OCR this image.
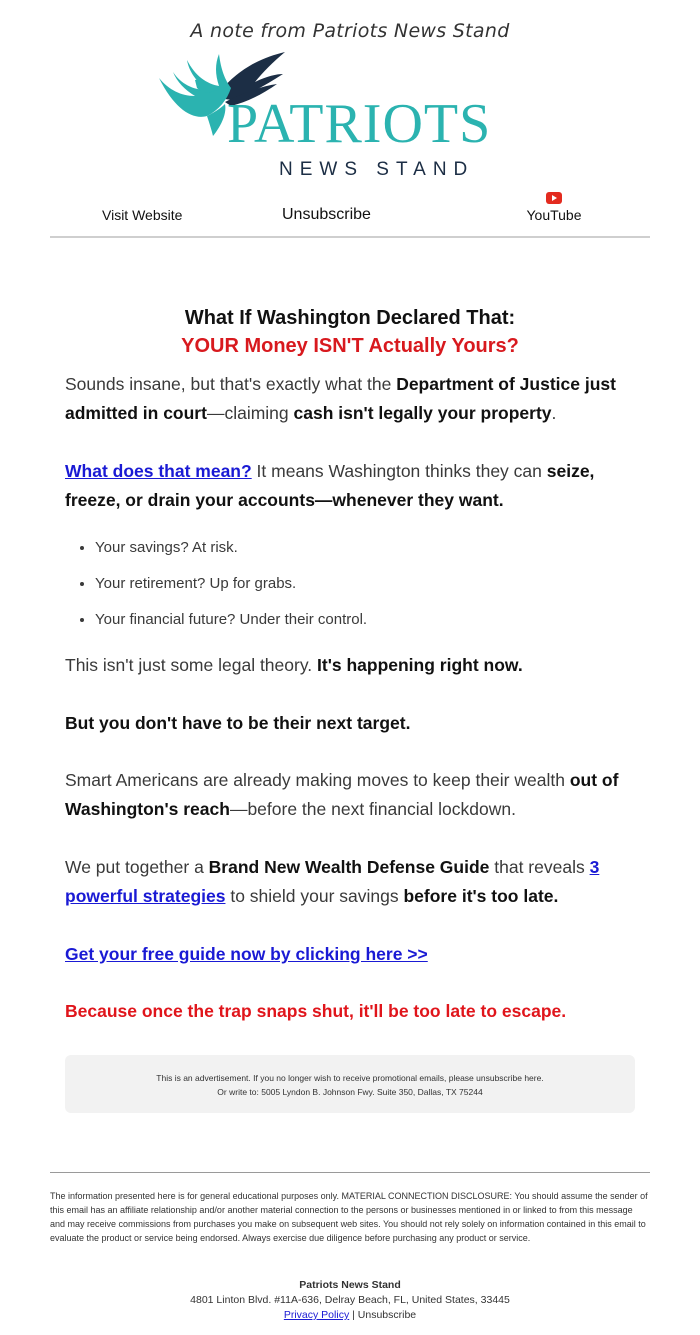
A note from Patriots News Stand
PATRIOTS
NEWS STAND
Visit Website	Unsubscribe	YouTube
What If Washington Declared That:
YOUR Money ISN'T Actually Yours?

Sounds insane, but that's exactly what the Department of Justice just admitted in court—claiming cash isn't legally your property.

What does that mean? It means Washington thinks they can seize, freeze, or drain your accounts—whenever they want.

• Your savings? At risk.
• Your retirement? Up for grabs.
• Your financial future? Under their control.

This isn't just some legal theory. It's happening right now.

But you don't have to be their next target.

Smart Americans are already making moves to keep their wealth out of Washington's reach—before the next financial lockdown.

We put together a Brand New Wealth Defense Guide that reveals 3 powerful strategies to shield your savings before it's too late.

Get your free guide now by clicking here >>

Because once the trap snaps shut, it'll be too late to escape.

This is an advertisement. If you no longer wish to receive promotional emails, please unsubscribe here.
Or write to: 5005 Lyndon B. Johnson Fwy. Suite 350, Dallas, TX 75244
The information presented here is for general educational purposes only. MATERIAL CONNECTION DISCLOSURE: You should assume the sender of this email has an affiliate relationship and/or another material connection to the persons or businesses mentioned in or linked to from this message and may receive commissions from purchases you make on subsequent web sites. You should not rely solely on information contained in this email to evaluate the product or service being endorsed. Always exercise due diligence before purchasing any product or service.
Patriots News Stand
4801 Linton Blvd. #11A-636, Delray Beach, FL, United States, 33445
Privacy Policy | Unsubscribe
